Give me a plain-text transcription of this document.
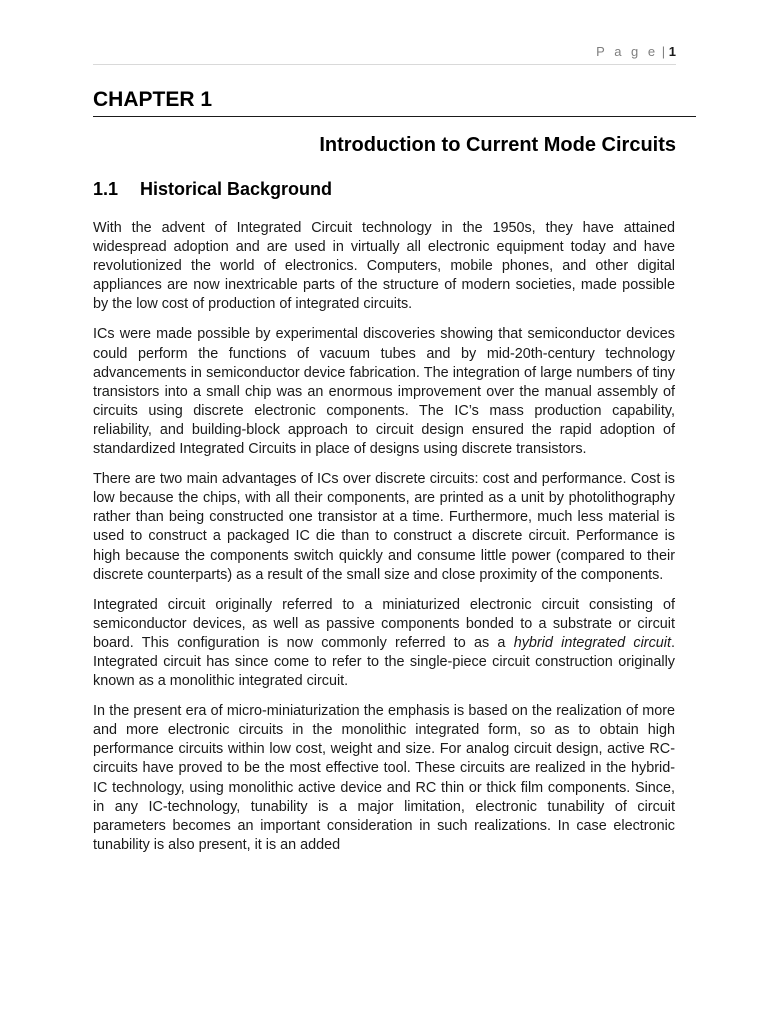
P a g e | 1
CHAPTER 1
Introduction to Current Mode Circuits
1.1 Historical Background

With the advent of Integrated Circuit technology in the 1950s, they have attained widespread adoption and are used in virtually all electronic equipment today and have revolutionized the world of electronics. Computers, mobile phones, and other digital appliances are now inextricable parts of the structure of modern societies, made possible by the low cost of production of integrated circuits.

ICs were made possible by experimental discoveries showing that semiconductor devices could perform the functions of vacuum tubes and by mid-20th-century technology advancements in semiconductor device fabrication. The integration of large numbers of tiny transistors into a small chip was an enormous improvement over the manual assembly of circuits using discrete electronic components. The IC’s mass production capability, reliability, and building-block approach to circuit design ensured the rapid adoption of standardized Integrated Circuits in place of designs using discrete transistors.

There are two main advantages of ICs over discrete circuits: cost and performance. Cost is low because the chips, with all their components, are printed as a unit by photolithography rather than being constructed one transistor at a time. Furthermore, much less material is used to construct a packaged IC die than to construct a discrete circuit. Performance is high because the components switch quickly and consume little power (compared to their discrete counterparts) as a result of the small size and close proximity of the components.

Integrated circuit originally referred to a miniaturized electronic circuit consisting of semiconductor devices, as well as passive components bonded to a substrate or circuit board. This configuration is now commonly referred to as a hybrid integrated circuit. Integrated circuit has since come to refer to the single-piece circuit construction originally known as a monolithic integrated circuit.

In the present era of micro-miniaturization the emphasis is based on the realization of more and more electronic circuits in the monolithic integrated form, so as to obtain high performance circuits within low cost, weight and size. For analog circuit design, active RC-circuits have proved to be the most effective tool. These circuits are realized in the hybrid-IC technology, using monolithic active device and RC thin or thick film components. Since, in any IC-technology, tunability is a major limitation, electronic tunability of circuit parameters becomes an important consideration in such realizations. In case electronic tunability is also present, it is an added
